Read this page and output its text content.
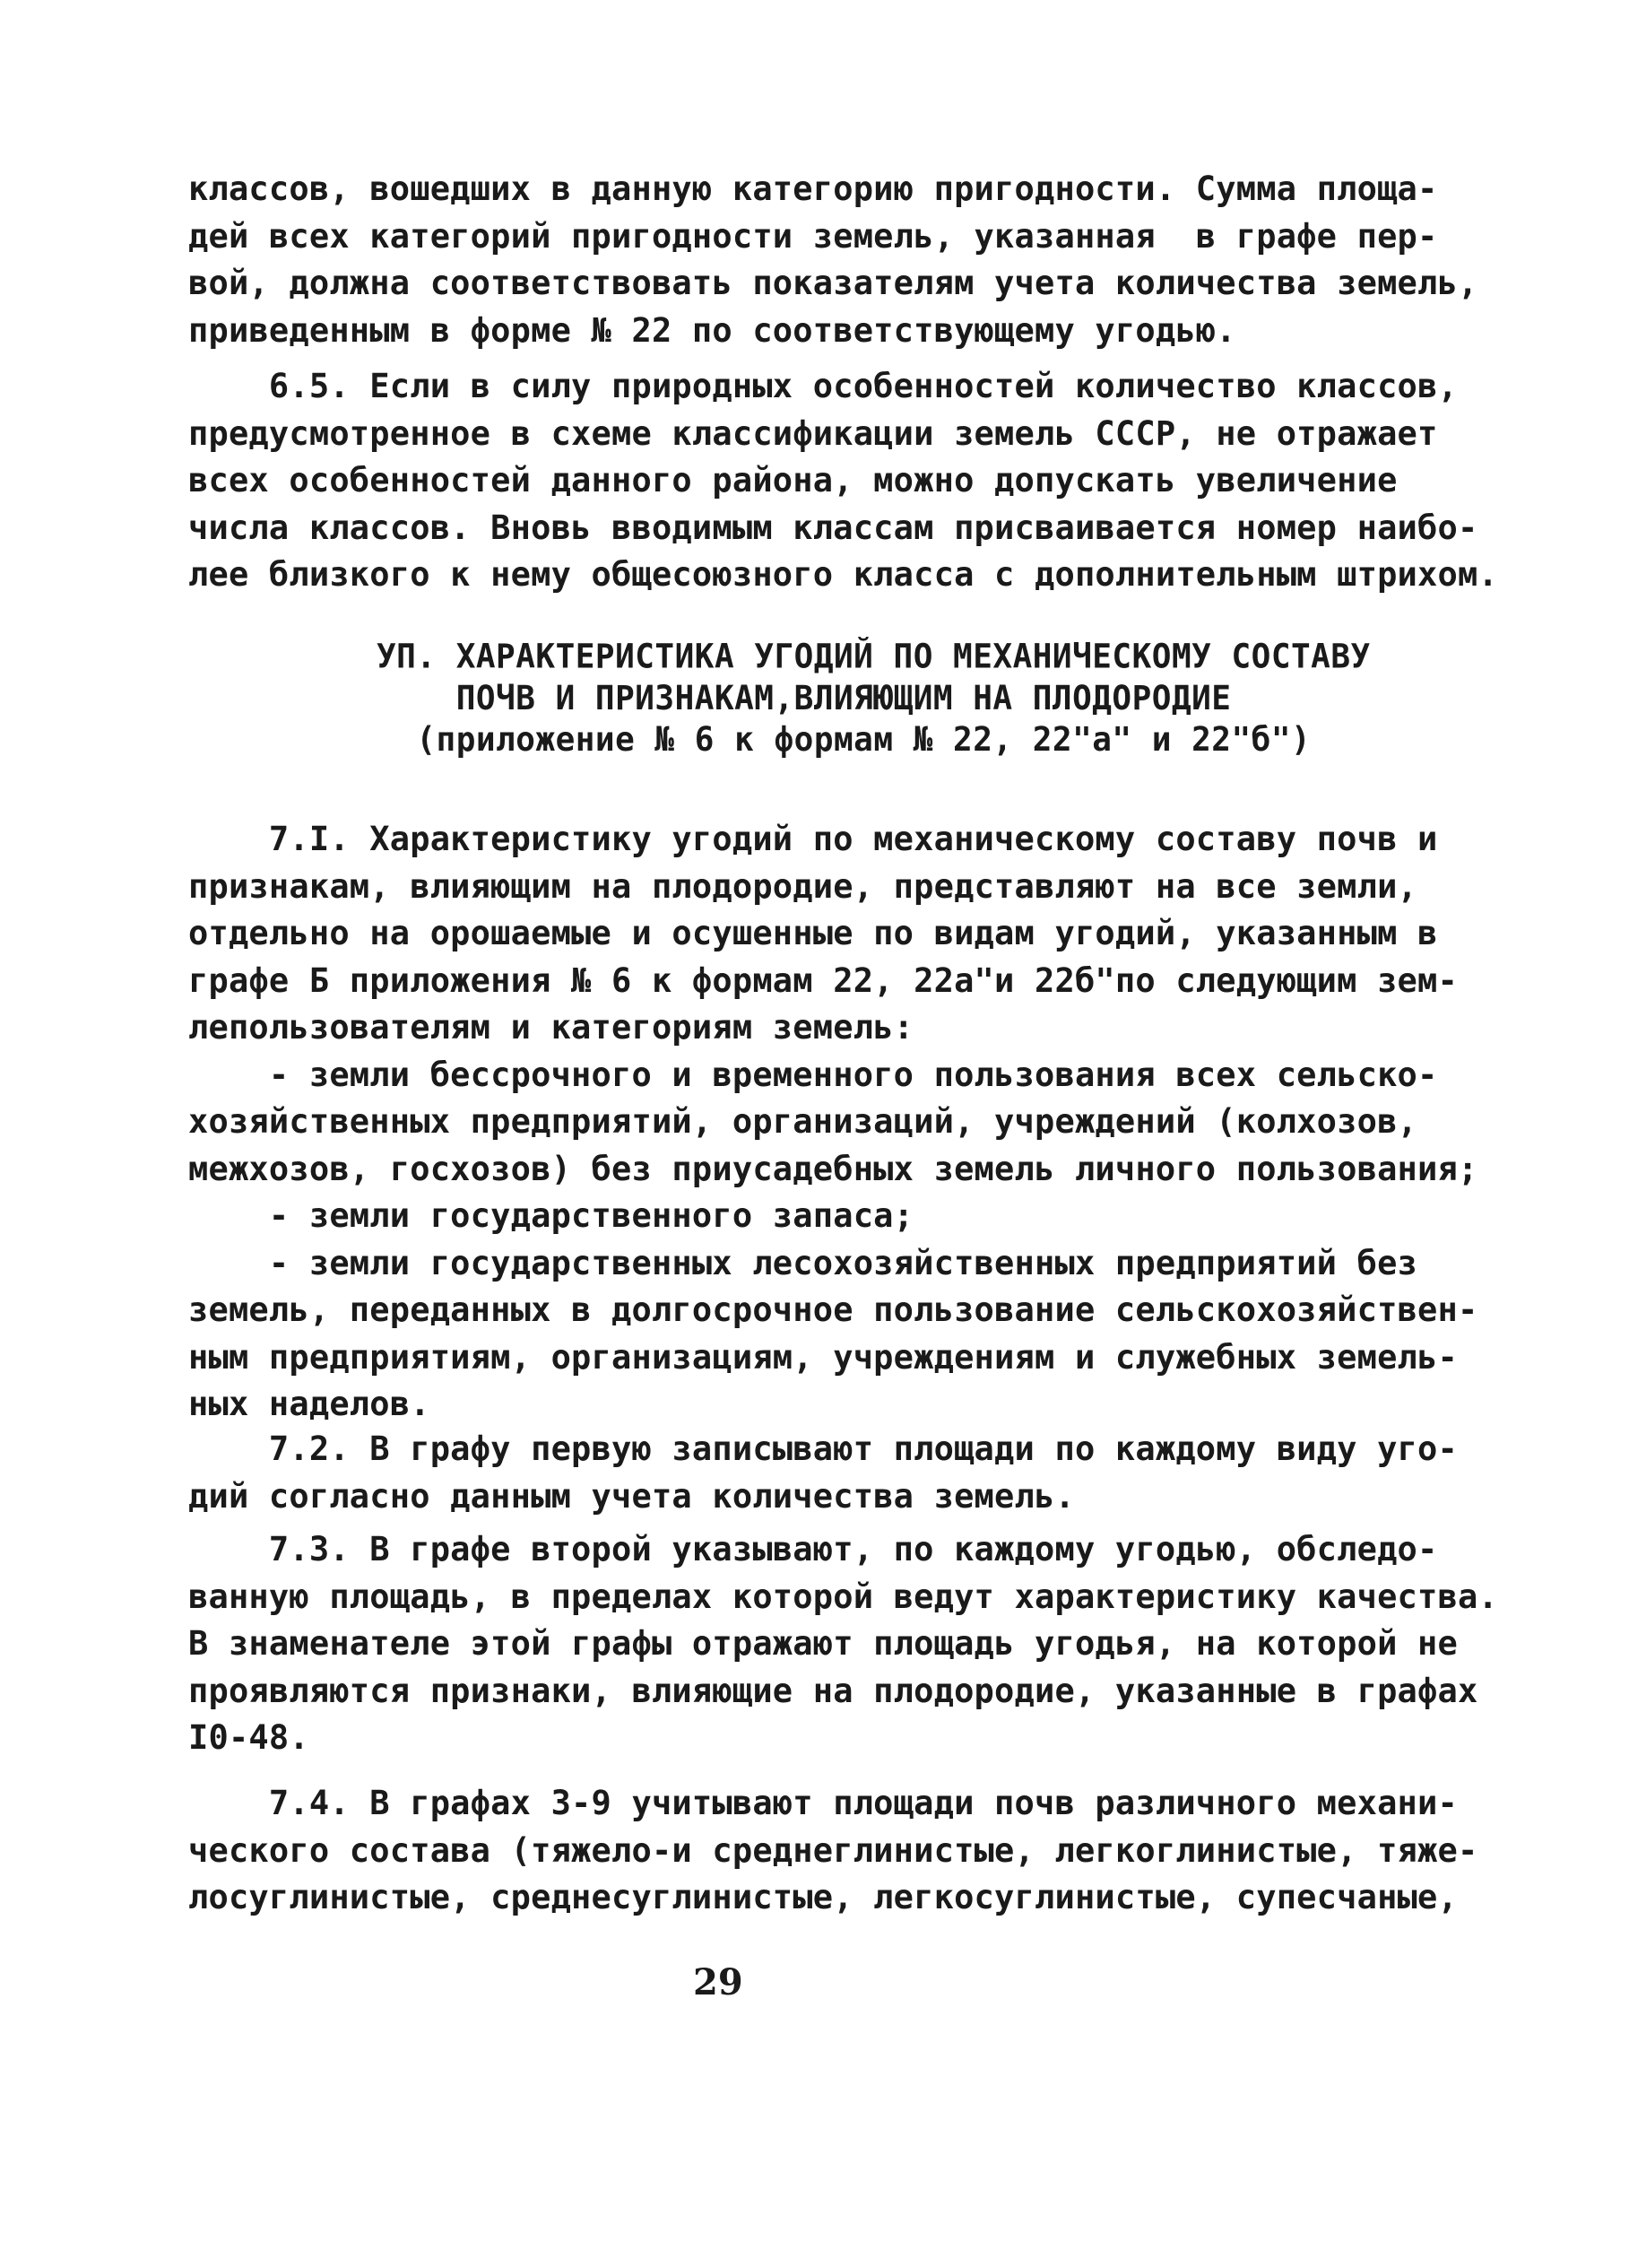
классов, вошедших в данную категорию пригодности. Сумма площа-
дей всех категорий пригодности земель, указанная  в графе пер-
вой, должна соответствовать показателям учета количества земель,
приведенным в форме № 22 по соответствующему угодью.
6.5. Если в силу природных особенностей количество классов,
предусмотренное в схеме классификации земель СССР, не отражает
всех особенностей данного района, можно допускать увеличение
числа классов. Вновь вводимым классам присваивается номер наибо-
лее близкого к нему общесоюзного класса с дополнительным штрихом.
УП. ХАРАКТЕРИСТИКА УГОДИЙ ПО МЕХАНИЧЕСКОМУ СОСТАВУ
ПОЧВ И ПРИЗНАКАМ,ВЛИЯЮЩИМ НА ПЛОДОРОДИЕ
(приложение № 6 к формам № 22, 22"а" и 22"б")
7.I. Характеристику угодий по механическому составу почв и
признакам, влияющим на плодородие, представляют на все земли,
отдельно на орошаемые и осушенные по видам угодий, указанным в
графе Б приложения № 6 к формам 22, 22а"и 22б"по следующим зем-
лепользователям и категориям земель:
- земли бессрочного и временного пользования всех сельско-
хозяйственных предприятий, организаций, учреждений (колхозов,
межхозов, госхозов) без приусадебных земель личного пользования;
- земли государственного запаса;
- земли государственных лесохозяйственных предприятий без
земель, переданных в долгосрочное пользование сельскохозяйствен-
ным предприятиям, организациям, учреждениям и служебных земель-
ных наделов.
7.2. В графу первую записывают площади по каждому виду уго-
дий согласно данным учета количества земель.
7.3. В графе второй указывают, по каждому угодью, обследо-
ванную площадь, в пределах которой ведут характеристику качества.
В знаменателе этой графы отражают площадь угодья, на которой не
проявляются признаки, влияющие на плодородие, указанные в графах
I0-48.
7.4. В графах 3-9 учитывают площади почв различного механи-
ческого состава (тяжело-и среднеглинистые, легкоглинистые, тяже-
лосуглинистые, среднесуглинистые, легкосуглинистые, супесчаные,
29
